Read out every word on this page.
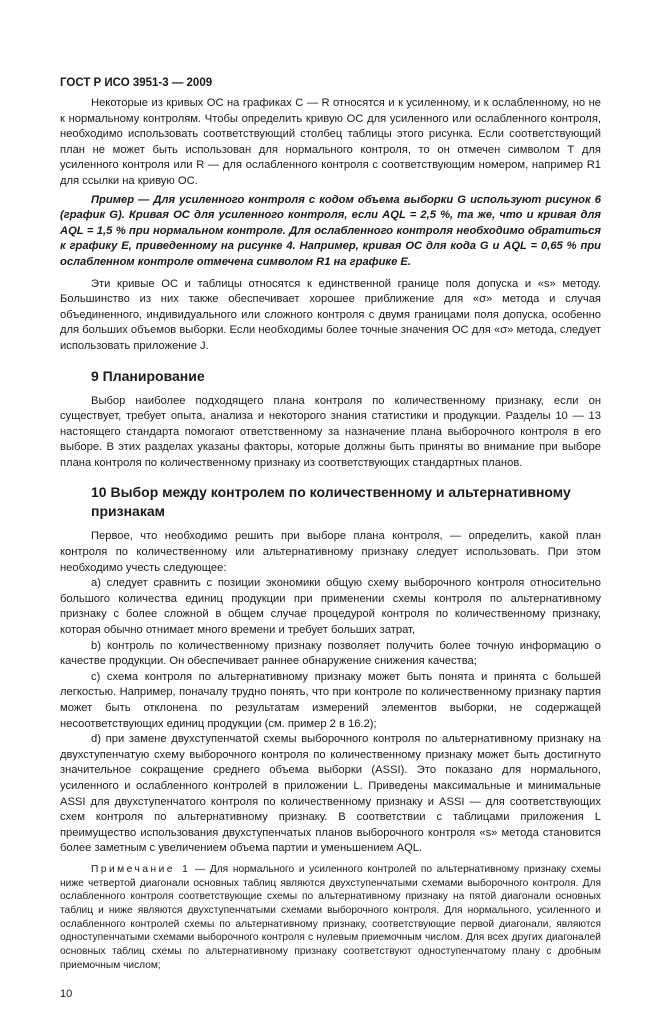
ГОСТ Р ИСО 3951-3 — 2009

Некоторые из кривых ОС на графиках С — R относятся и к усиленному, и к ослабленному, но не к нормальному контролям. Чтобы определить кривую ОС для усиленного или ослабленного контроля, необходимо использовать соответствующий столбец таблицы этого рисунка. Если соответствующий план не может быть использован для нормального контроля, то он отмечен символом Т для усиленного контроля или R — для ослабленного контроля с соответствующим номером, например R1 для ссылки на кривую ОС.

Пример — Для усиленного контроля с кодом объема выборки G используют рисунок 6 (график G). Кривая ОС для усиленного контроля, если AQL = 2,5 %, та же, что и кривая для AQL = 1,5 % при нормальном контроле. Для ослабленного контроля необходимо обратиться к графику E, приведенному на рисунке 4. Например, кривая ОС для кода G и AQL = 0,65 % при ослабленном контроле отмечена символом R1 на графике E.

Эти кривые ОС и таблицы относятся к единственной границе поля допуска и «s» методу. Большинство из них также обеспечивает хорошее приближение для «σ» метода и случая объединенного, индивидуального или сложного контроля с двумя границами поля допуска, особенно для больших объемов выборки. Если необходимы более точные значения ОС для «σ» метода, следует использовать приложение J.

9 Планирование

Выбор наиболее подходящего плана контроля по количественному признаку, если он существует, требует опыта, анализа и некоторого знания статистики и продукции. Разделы 10 — 13 настоящего стандарта помогают ответственному за назначение плана выборочного контроля в его выборе. В этих разделах указаны факторы, которые должны быть приняты во внимание при выборе плана контроля по количественному признаку из соответствующих стандартных планов.

10 Выбор между контролем по количественному и альтернативному признакам

Первое, что необходимо решить при выборе плана контроля, — определить, какой план контроля по количественному или альтернативному признаку следует использовать. При этом необходимо учесть следующее:

a) следует сравнить с позиции экономики общую схему выборочного контроля относительно большого количества единиц продукции при применении схемы контроля по альтернативному признаку с более сложной в общем случае процедурой контроля по количественному признаку, которая обычно отнимает много времени и требует больших затрат,

b) контроль по количественному признаку позволяет получить более точную информацию о качестве продукции. Он обеспечивает раннее обнаружение снижения качества;

c) схема контроля по альтернативному признаку может быть понята и принята с большей легкостью. Например, поначалу трудно понять, что при контроле по количественному признаку партия может быть отклонена по результатам измерений элементов выборки, не содержащей несоответствующих единиц продукции (см. пример 2 в 16.2);

d) при замене двухступенчатой схемы выборочного контроля по альтернативному признаку на двухступенчатую схему выборочного контроля по количественному признаку может быть достигнуто значительное сокращение среднего объема выборки (ASSI). Это показано для нормального, усиленного и ослабленного контролей в приложении L. Приведены максимальные и минимальные ASSI для двухступенчатого контроля по количественному признаку и ASSI — для соответствующих схем контроля по альтернативному признаку. В соответствии с таблицами приложения L преимущество использования двухступенчатых планов выборочного контроля «s» метода становится более заметным с увеличением объема партии и уменьшением AQL.

Примечание 1 — Для нормального и усиленного контролей по альтернативному признаку схемы ниже четвертой диагонали основных таблиц являются двухступенчатыми схемами выборочного контроля. Для ослабленного контроля соответствующие схемы по альтернативному признаку на пятой диагонали основных таблиц и ниже являются двухступенчатыми схемами выборочного контроля. Для нормального, усиленного и ослабленного контролей схемы по альтернативному признаку, соответствующие первой диагонали, являются одноступенчатыми схемами выборочного контроля с нулевым приемочным числом. Для всех других диагоналей основных таблиц схемы по альтернативному признаку соответствуют одноступенчатому плану с дробным приемочным числом;

10
